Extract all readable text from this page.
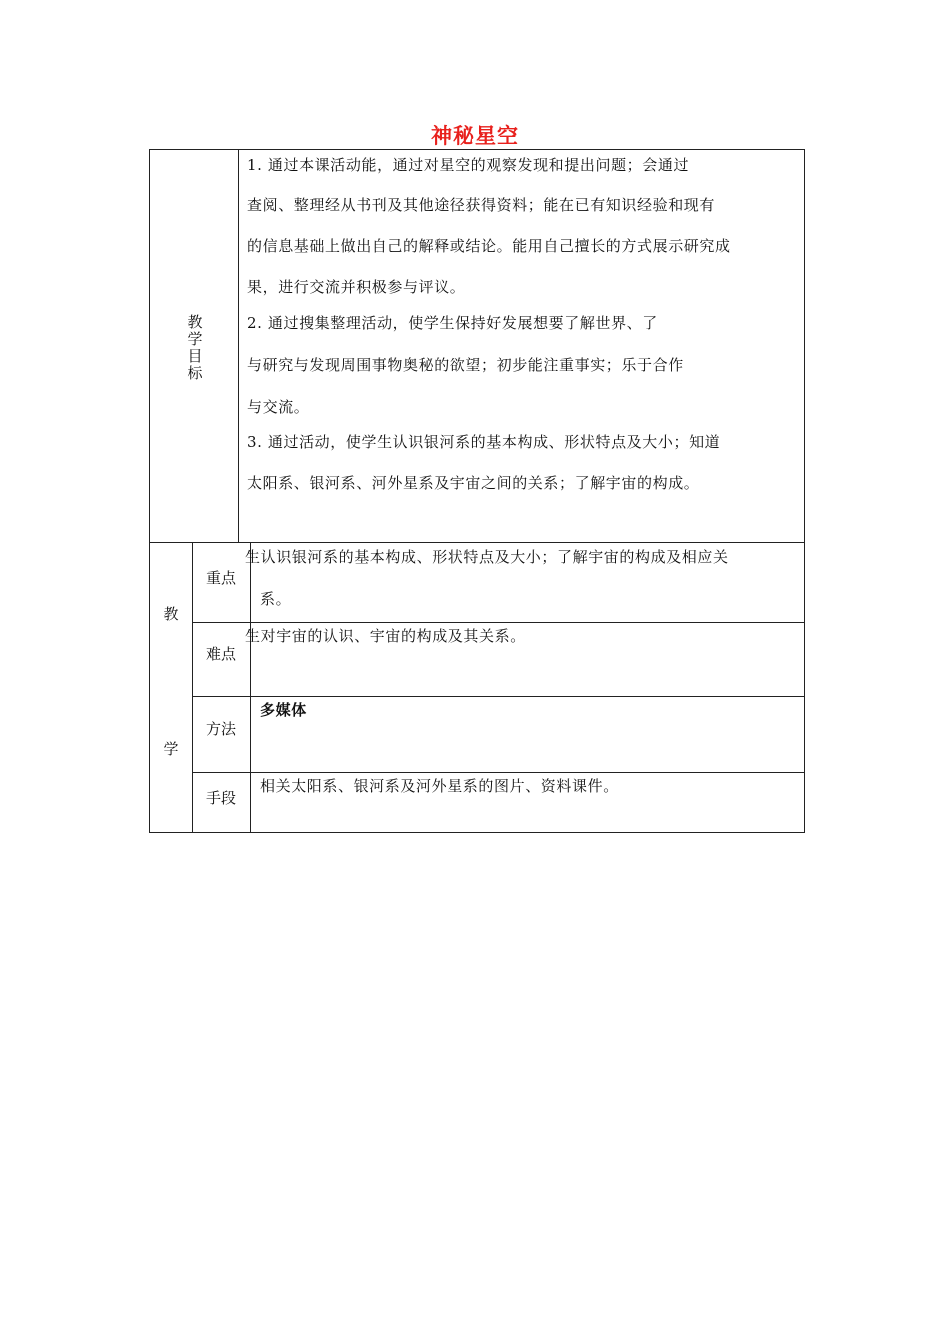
神秘星空
教
学
目
标
1. 通过本课活动能，通过对星空的观察发现和提出问题；会通过
查阅、整理经从书刊及其他途径获得资料；能在已有知识经验和现有
的信息基础上做出自己的解释或结论。能用自己擅长的方式展示研究成
果，进行交流并积极参与评议。
2. 通过搜集整理活动，使学生保持好发展想要了解世界、了
与研究与发现周围事物奥秘的欲望；初步能注重事实；乐于合作
与交流。
3. 通过活动，使学生认识银河系的基本构成、形状特点及大小；知道
太阳系、银河系、河外星系及宇宙之间的关系；了解宇宙的构成。
教
学
重点
生认识银河系的基本构成、形状特点及大小；了解宇宙的构成及相应关
系。
难点
生对宇宙的认识、宇宙的构成及其关系。
方法
多媒体
手段
相关太阳系、银河系及河外星系的图片、资料课件。
